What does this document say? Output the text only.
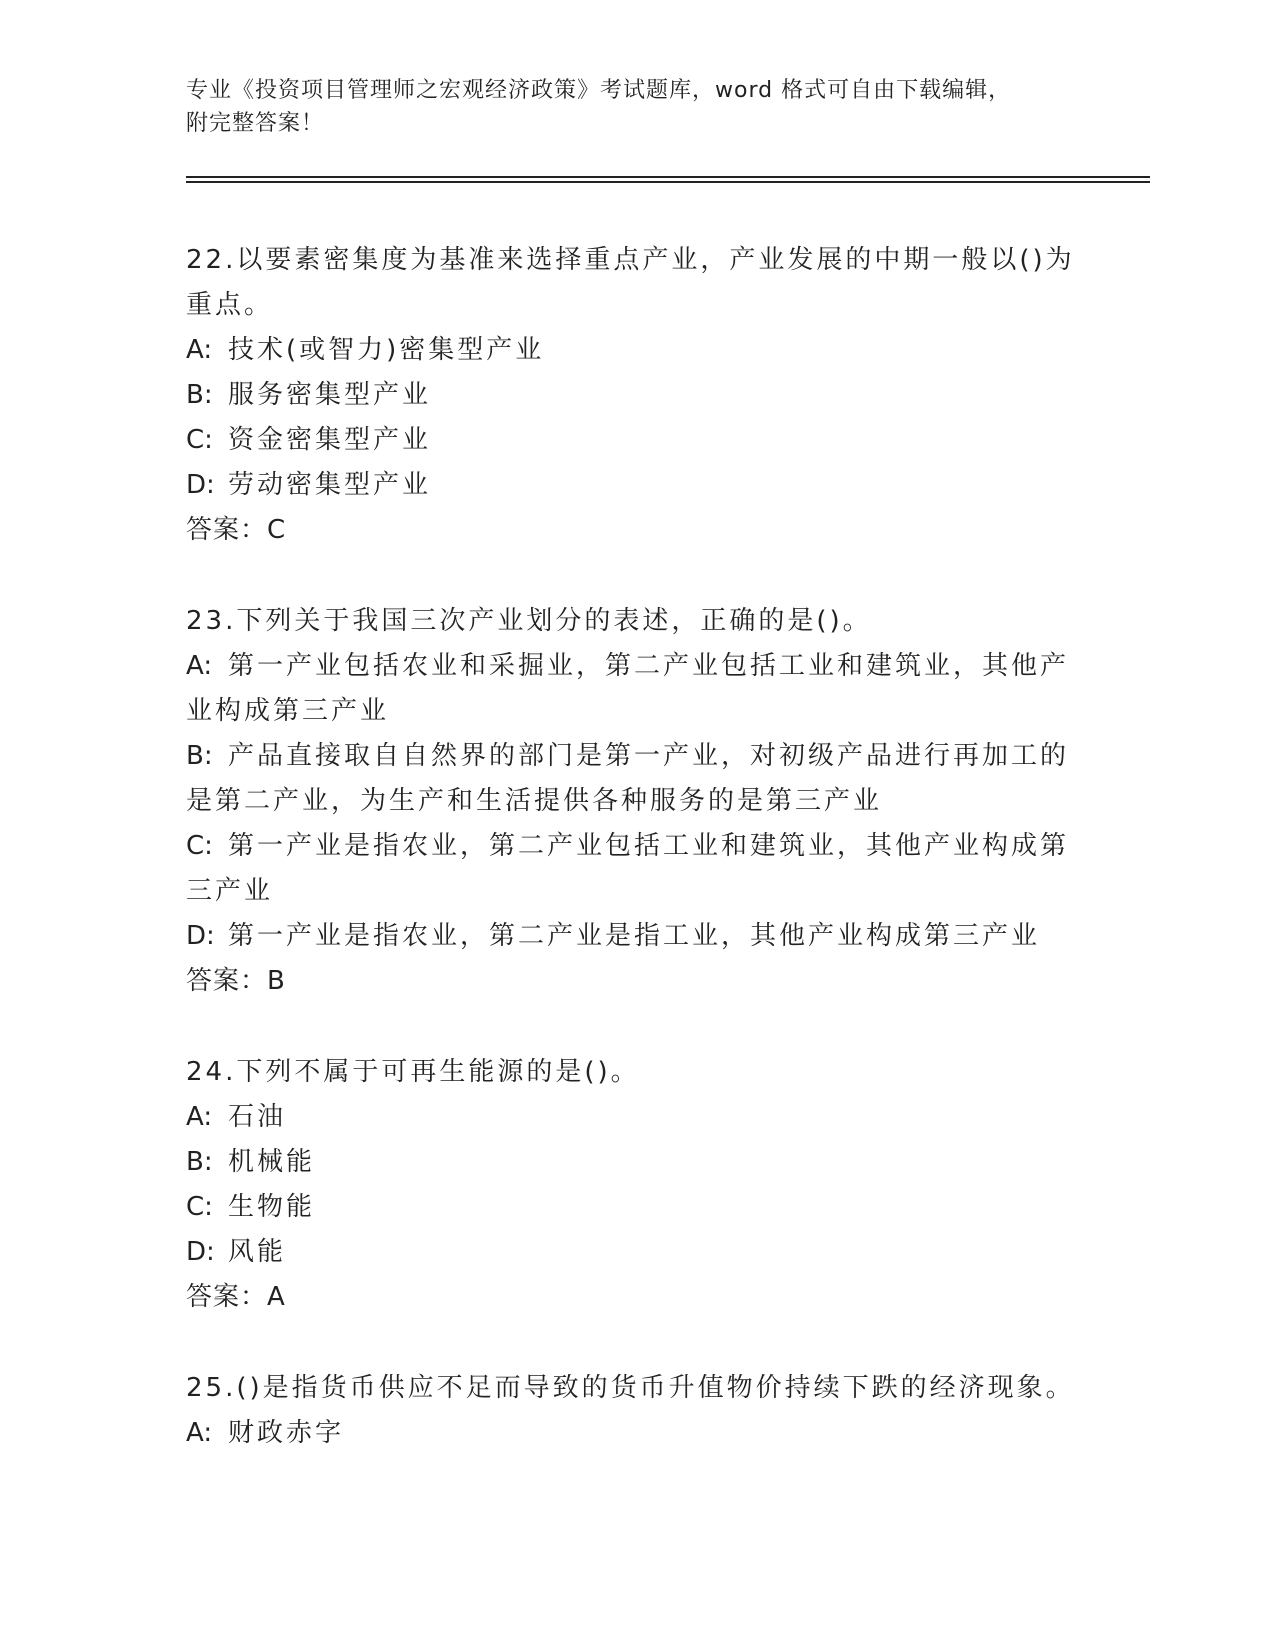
专业《投资项目管理师之宏观经济政策》考试题库，word 格式可自由下载编辑，
附完整答案！
22.以要素密集度为基准来选择重点产业，产业发展的中期一般以()为
重点。
A: 技术(或智力)密集型产业
B: 服务密集型产业
C: 资金密集型产业
D: 劳动密集型产业
答案：C
23.下列关于我国三次产业划分的表述，正确的是()。
A: 第一产业包括农业和采掘业，第二产业包括工业和建筑业，其他产
业构成第三产业
B: 产品直接取自自然界的部门是第一产业，对初级产品进行再加工的
是第二产业，为生产和生活提供各种服务的是第三产业
C: 第一产业是指农业，第二产业包括工业和建筑业，其他产业构成第
三产业
D: 第一产业是指农业，第二产业是指工业，其他产业构成第三产业
答案：B
24.下列不属于可再生能源的是()。
A: 石油
B: 机械能
C: 生物能
D: 风能
答案：A
25.()是指货币供应不足而导致的货币升值物价持续下跌的经济现象。
A: 财政赤字
